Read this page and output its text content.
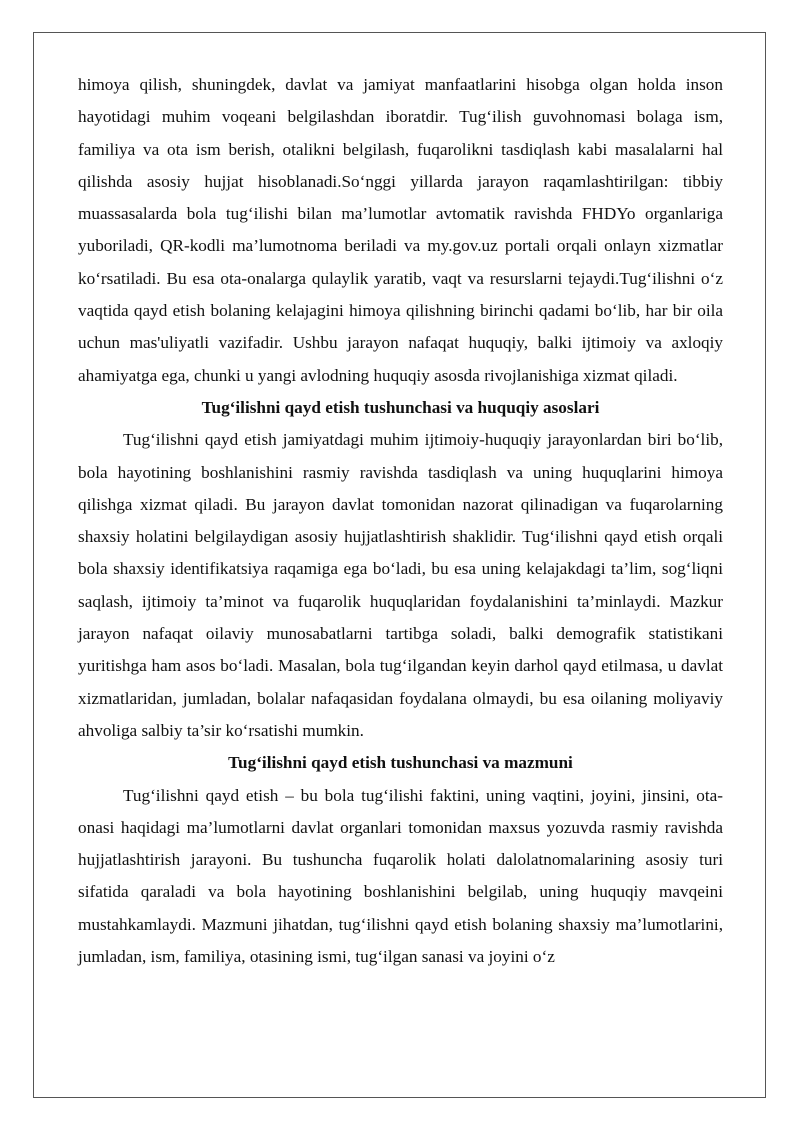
himoya qilish, shuningdek, davlat va jamiyat manfaatlarini hisobga olgan holda inson hayotidagi muhim voqeani belgilashdan iboratdir. Tug‘ilish guvohnomasi bolaga ism, familiya va ota ism berish, otalikni belgilash, fuqarolikni tasdiqlash kabi masalalarni hal qilishda asosiy hujjat hisoblanadi.So‘nggi yillarda jarayon raqamlashtirilgan: tibbiy muassasalarda bola tug‘ilishi bilan ma’lumotlar avtomatik ravishda FHDYo organlariga yuboriladi, QR-kodli ma’lumotnoma beriladi va my.gov.uz portali orqali onlayn xizmatlar ko‘rsatiladi. Bu esa ota-onalarga qulaylik yaratib, vaqt va resurslarni tejaydi.Tug‘ilishni o‘z vaqtida qayd etish bolaning kelajagini himoya qilishning birinchi qadami bo‘lib, har bir oila uchun mas'uliyatli vazifadir. Ushbu jarayon nafaqat huquqiy, balki ijtimoiy va axloqiy ahamiyatga ega, chunki u yangi avlodning huquqiy asosda rivojlanishiga xizmat qiladi.

Tug‘ilishni qayd etish tushunchasi va huquqiy asoslari

Tug‘ilishni qayd etish jamiyatdagi muhim ijtimoiy-huquqiy jarayonlardan biri bo‘lib, bola hayotining boshlanishini rasmiy ravishda tasdiqlash va uning huquqlarini himoya qilishga xizmat qiladi. Bu jarayon davlat tomonidan nazorat qilinadigan va fuqarolarning shaxsiy holatini belgilaydigan asosiy hujjatlashtirish shaklidir. Tug‘ilishni qayd etish orqali bola shaxsiy identifikatsiya raqamiga ega bo‘ladi, bu esa uning kelajakdagi ta’lim, sog‘liqni saqlash, ijtimoiy ta’minot va fuqarolik huquqlaridan foydalanishini ta’minlaydi. Mazkur jarayon nafaqat oilaviy munosabatlarni tartibga soladi, balki demografik statistikani yuritishga ham asos bo‘ladi. Masalan, bola tug‘ilgandan keyin darhol qayd etilmasa, u davlat xizmatlaridan, jumladan, bolalar nafaqasidan foydalana olmaydi, bu esa oilaning moliyaviy ahvoliga salbiy ta’sir ko‘rsatishi mumkin.

Tug‘ilishni qayd etish tushunchasi va mazmuni

Tug‘ilishni qayd etish – bu bola tug‘ilishi faktini, uning vaqtini, joyini, jinsini, ota-onasi haqidagi ma’lumotlarni davlat organlari tomonidan maxsus yozuvda rasmiy ravishda hujjatlashtirish jarayoni. Bu tushuncha fuqarolik holati dalolatnomalarining asosiy turi sifatida qaraladi va bola hayotining boshlanishini belgilab, uning huquqiy mavqeini mustahkamlaydi. Mazmuni jihatdan, tug‘ilishni qayd etish bolaning shaxsiy ma’lumotlarini, jumladan, ism, familiya, otasining ismi, tug‘ilgan sanasi va joyini o‘z
